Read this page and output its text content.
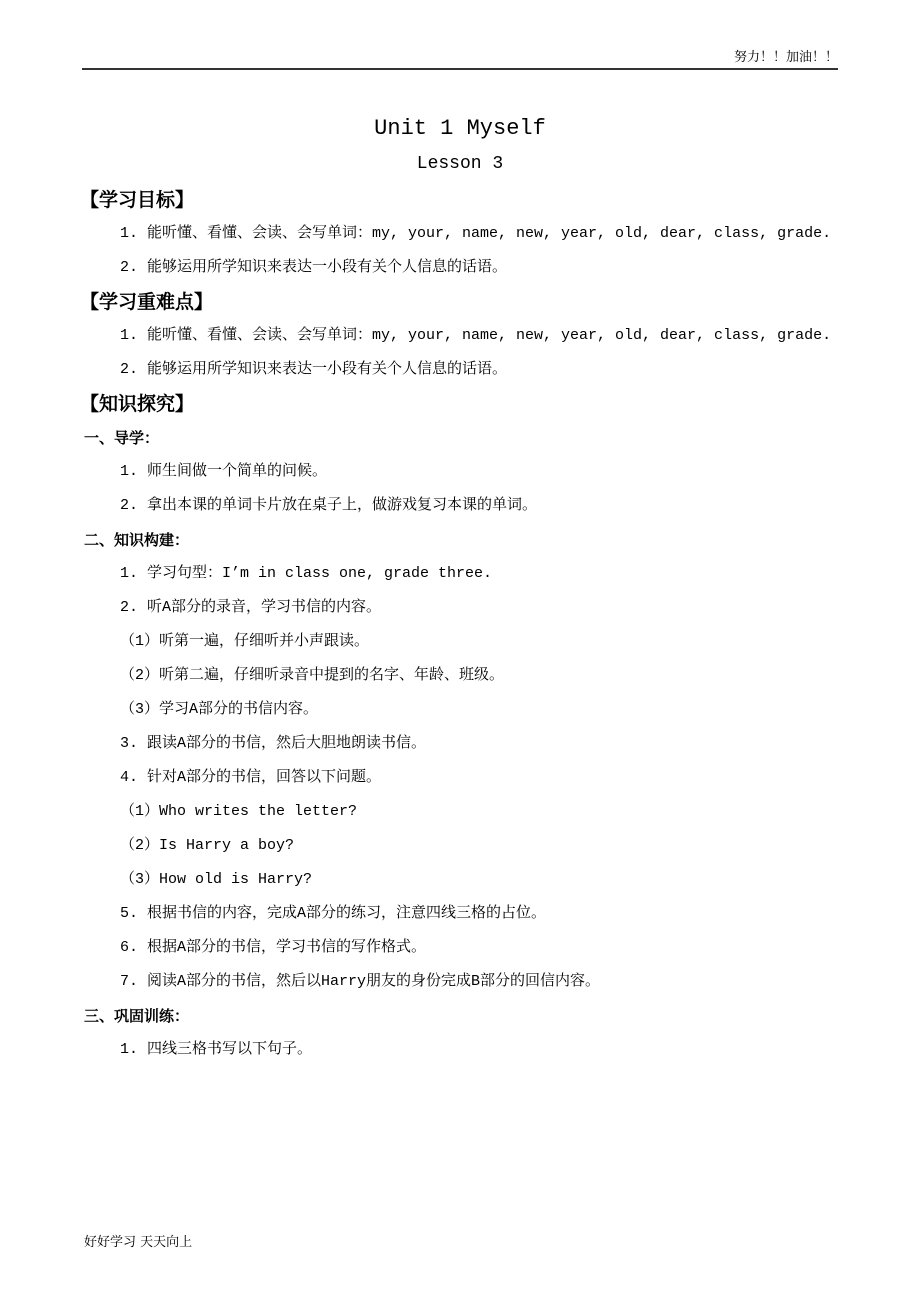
努力！！加油！！
Unit 1 Myself
Lesson 3
【学习目标】
1. 能听懂、看懂、会读、会写单词：my, your, name, new, year, old, dear, class, grade.
2. 能够运用所学知识来表达一小段有关个人信息的话语。
【学习重难点】
1. 能听懂、看懂、会读、会写单词：my, your, name, new, year, old, dear, class, grade.
2. 能够运用所学知识来表达一小段有关个人信息的话语。
【知识探究】
一、导学：
1. 师生间做一个简单的问候。
2. 拿出本课的单词卡片放在桌子上，做游戏复习本课的单词。
二、知识构建：
1. 学习句型：I’m in class one, grade three.
2. 听A部分的录音，学习书信的内容。
（1）听第一遍，仔细听并小声跟读。
（2）听第二遍，仔细听录音中提到的名字、年龄、班级。
（3）学习A部分的书信内容。
3. 跟读A部分的书信，然后大胆地朗读书信。
4. 针对A部分的书信，回答以下问题。
（1）Who writes the letter?
（2）Is Harry a boy?
（3）How old is Harry?
5. 根据书信的内容，完成A部分的练习，注意四线三格的占位。
6. 根据A部分的书信，学习书信的写作格式。
7. 阅读A部分的书信，然后以Harry朋友的身份完成B部分的回信内容。
三、巩固训练：
1. 四线三格书写以下句子。
好好学习 天天向上
